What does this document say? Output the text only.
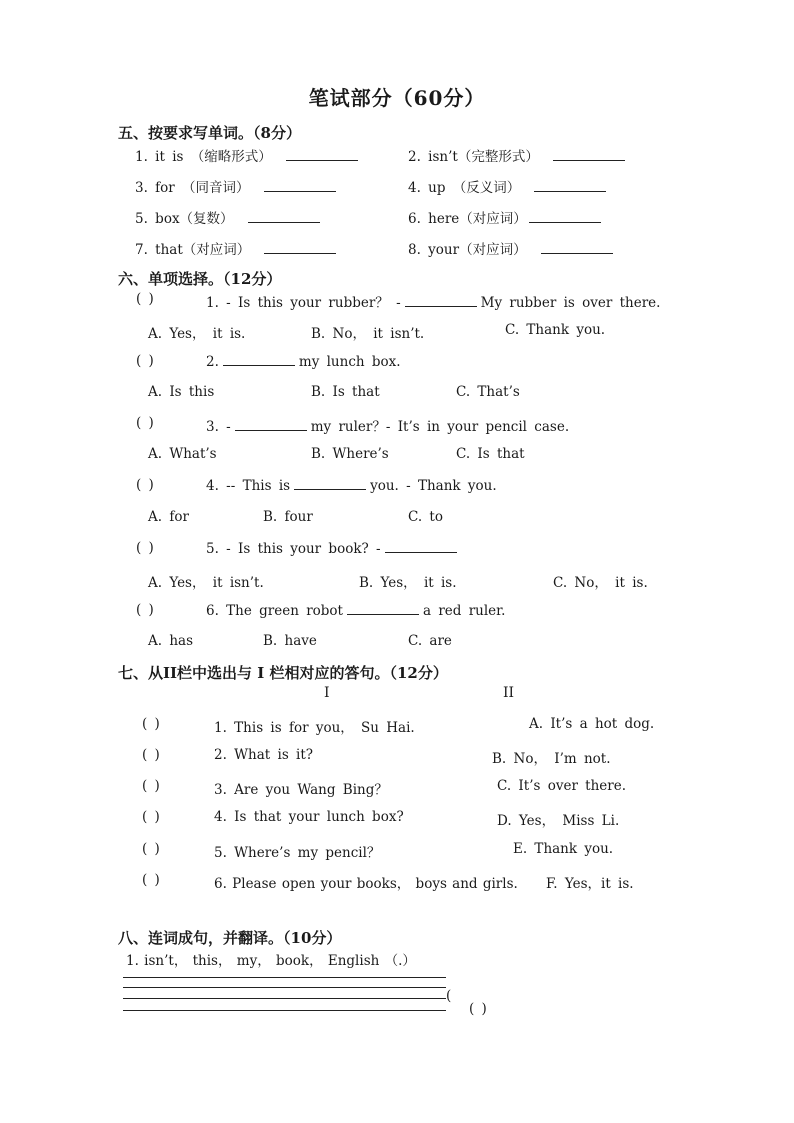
笔试部分（60分）
五、按要求写单词。（8分）
1. it is （缩略形式）	2. isn’t（完整形式）
3. for （同音词）	4. up （反义词）
5. box（复数）	6. here（对应词）
7. that（对应词）	8. your（对应词）
六、单项选择。（12分）
( )	1. - Is this your rubber？ -	My rubber is over there.
A. Yes， it is.	B. No， it isn’t.	C. Thank you.
( )	2.	my lunch box.
A. Is this	B. Is that	C. That’s
( )	3. -	my ruler？- It’s in your pencil case.
A. What’s	B. Where’s	C. Is that
( )	4. -- This is	you. - Thank you.
A. for	B. four	C. to
( )	5. - Is this your book? -
A. Yes， it isn’t.	B. Yes， it is.	C. No， it is.
( )	6. The green robot	a red ruler.
A. has	B. have	C. are
七、从II栏中选出与 I 栏相对应的答句。（12分）
I	II
( )	1. This is for you， Su Hai.	A. It’s a hot dog.
( )	2. What is it?	B. No， I’m not.
( )	3. Are you Wang Bing？	C. It’s over there.
( )	4. Is that your lunch box?	D. Yes， Miss Li.
( )	5. Where’s my pencil？	E. Thank you.
( )	6. Please open your books， boys and girls. F. Yes，it is.
八、连词成句，并翻译。（10分）
1. isn’t， this， my， book， English （.）
(
( )
